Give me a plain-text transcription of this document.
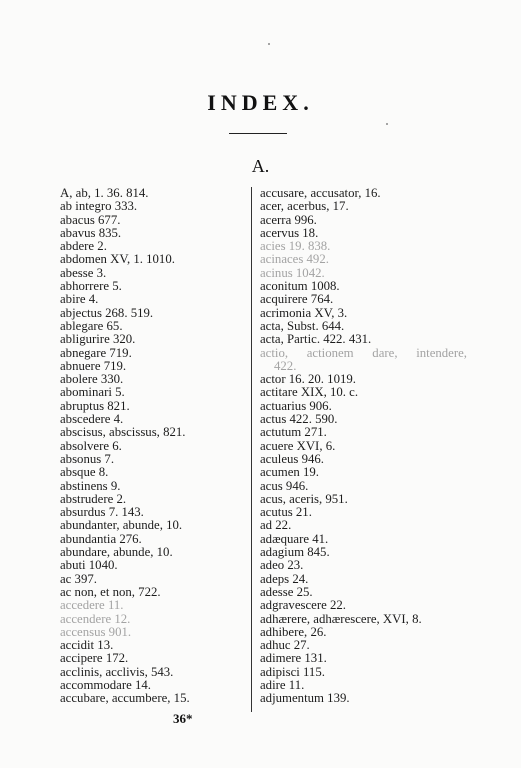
INDEX.
A.
A, ab, 1. 36. 814.
ab integro 333.
abacus 677.
abavus 835.
abdere 2.
abdomen XV, 1. 1010.
abesse 3.
abhorrere 5.
abire 4.
abjectus 268. 519.
ablegare 65.
abligurire 320.
abnegare 719.
abnuere 719.
abolere 330.
abominari 5.
abruptus 821.
abscedere 4.
abscisus, abscissus, 821.
absolvere 6.
absonus 7.
absque 8.
abstinens 9.
abstrudere 2.
absurdus 7. 143.
abundanter, abunde, 10.
abundantia 276.
abundare, abunde, 10.
abuti 1040.
ac 397.
ac non, et non, 722.
accedere 11.
accendere 12.
accensus 901.
accidit 13.
accipere 172.
acclinis, acclivis, 543.
accommodare 14.
accubare, accumbere, 15.
accusare, accusator, 16.
acer, acerbus, 17.
acerra 996.
acervus 18.
acies 19. 838.
acinaces 492.
acinus 1042.
aconitum 1008.
acquirere 764.
acrimonia XV, 3.
acta, Subst. 644.
acta, Partic. 422. 431.
actio, actionem dare, intendere,
422.
actor 16. 20. 1019.
actitare XIX, 10. c.
actuarius 906.
actus 422. 590.
actutum 271.
acuere XVI, 6.
aculeus 946.
acumen 19.
acus 946.
acus, aceris, 951.
acutus 21.
ad 22.
adæquare 41.
adagium 845.
adeo 23.
adeps 24.
adesse 25.
adgravescere 22.
adhærere, adhærescere, XVI, 8.
adhibere, 26.
adhuc 27.
adimere 131.
adipisci 115.
adire 11.
adjumentum 139.
36*
